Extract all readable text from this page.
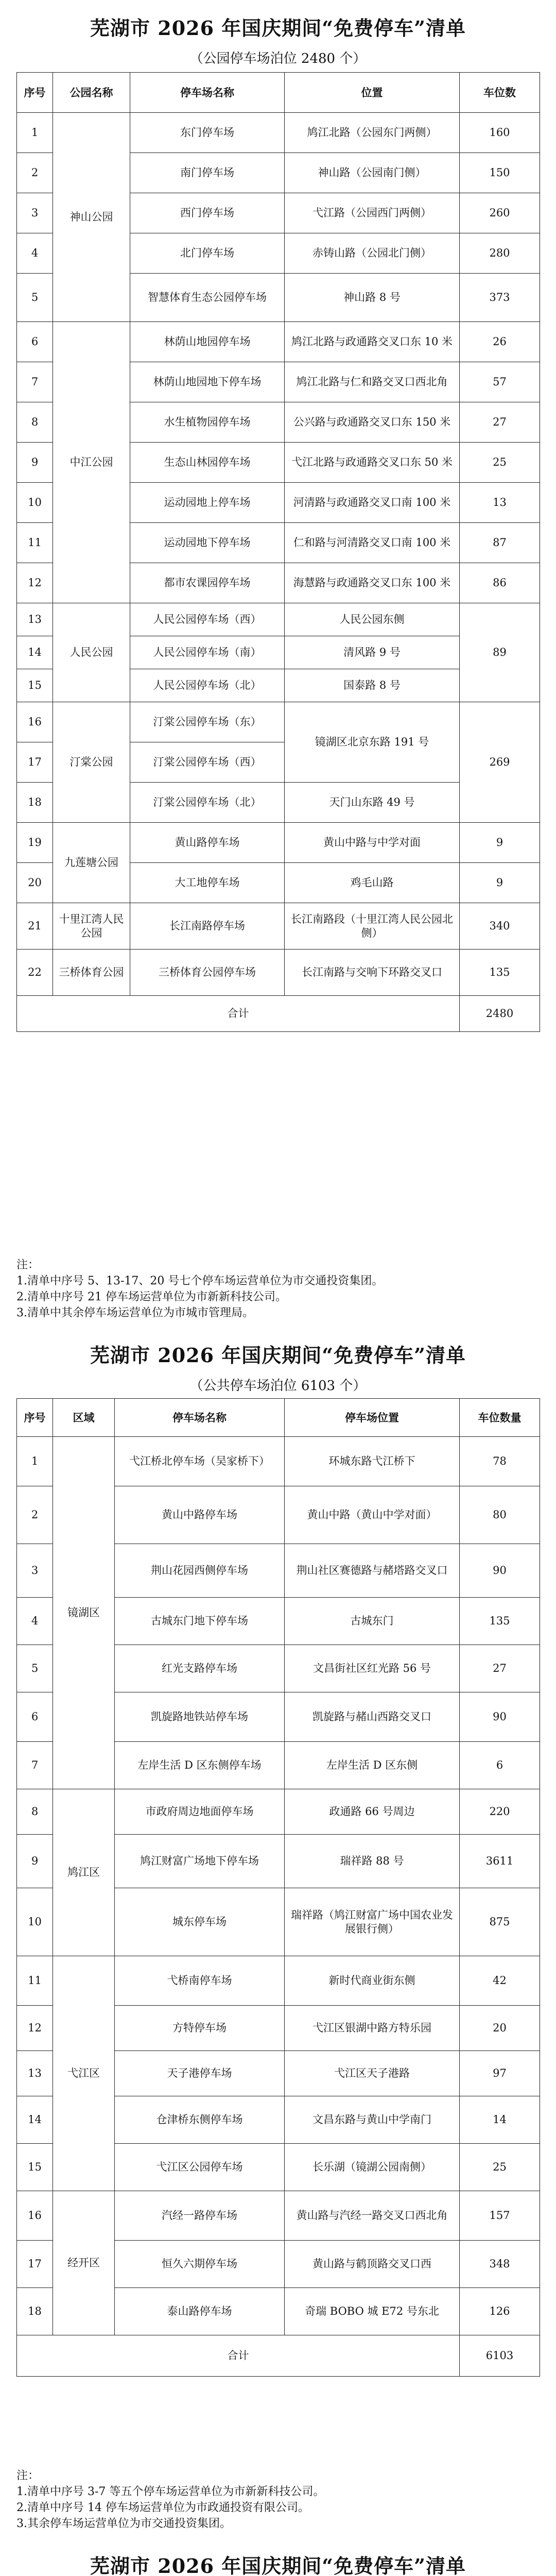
芜湖市 2026 年国庆期间“免费停车”清单

（公园停车场泊位 2480 个）

序号	公园名称	停车场名称	位置	车位数
1	神山公园	东门停车场	鸠江北路（公园东门两侧）	160
2		南门停车场	神山路（公园南门侧）	150
3		西门停车场	弋江路（公园西门两侧）	260
4		北门停车场	赤铸山路（公园北门侧）	280
5		智慧体育生态公园停车场	神山路 8 号	373
6	中江公园	林荫山地园停车场	鸠江北路与政通路交叉口东 10 米	26
7		林荫山地园地下停车场	鸠江北路与仁和路交叉口西北角	57
8		水生植物园停车场	公兴路与政通路交叉口东 150 米	27
9		生态山林园停车场	弋江北路与政通路交叉口东 50 米	25
10		运动园地上停车场	河清路与政通路交叉口南 100 米	13
11		运动园地下停车场	仁和路与河清路交叉口南 100 米	87
12		都市农课园停车场	海慧路与政通路交叉口东 100 米	86
13	人民公园	人民公园停车场（西）	人民公园东侧	89
14		人民公园停车场（南）	清风路 9 号	
15		人民公园停车场（北）	国泰路 8 号	
16	汀棠公园	汀棠公园停车场（东）	镜湖区北京东路 191 号	269
17		汀棠公园停车场（西）		
18		汀棠公园停车场（北）	天门山东路 49 号	
19	九莲塘公园	黄山路停车场	黄山中路与中学对面	9
20		大工地停车场	鸡毛山路	9
21	十里江湾人民公园	长江南路停车场	长江南路段（十里江湾人民公园北侧）	340
22	三桥体育公园	三桥体育公园停车场	长江南路与交响下环路交叉口	135
合计				2480

注：

1.清单中序号 5、13-17、20 号七个停车场运营单位为市交通投资集团。

2.清单中序号 21 停车场运营单位为市新新科技公司。

3.清单中其余停车场运营单位为市城市管理局。

芜湖市 2026 年国庆期间“免费停车”清单

（公共停车场泊位 6103 个）

序号	区域	停车场名称	停车场位置	车位数量
1	镜湖区	弋江桥北停车场（吴家桥下）	环城东路弋江桥下	78
2		黄山中路停车场	黄山中路（黄山中学对面）	80
3		荆山花园西侧停车场	荆山社区赛德路与赭塔路交叉口	90
4		古城东门地下停车场	古城东门	135
5		红光支路停车场	文昌街社区红光路 56 号	27
6		凯旋路地铁站停车场	凯旋路与赭山西路交叉口	90
7		左岸生活 D 区东侧停车场	左岸生活 D 区东侧	6
8	鸠江区	市政府周边地面停车场	政通路 66 号周边	220
9		鸠江财富广场地下停车场	瑞祥路 88 号	3611
10		城东停车场	瑞祥路（鸠江财富广场中国农业发展银行侧）	875
11	弋江区	弋桥南停车场	新时代商业街东侧	42
12		方特停车场	弋江区银湖中路方特乐园	20
13		天子港停车场	弋江区天子港路	97
14		仓津桥东侧停车场	文昌东路与黄山中学南门	14
15		弋江区公园停车场	长乐湖（镜湖公园南侧）	25
16	经开区	汽经一路停车场	黄山路与汽经一路交叉口西北角	157
17		恒久六期停车场	黄山路与鹤顶路交叉口西	348
18		泰山路停车场	奇瑞 BOBO 城 E72 号东北	126
合计				6103

注：

1.清单中序号 3-7 等五个停车场运营单位为市新新科技公司。

2.清单中序号 14 停车场运营单位为市政通投资有限公司。

3.其余停车场运营单位为市交通投资集团。

芜湖市 2026 年国庆期间“免费停车”清单
